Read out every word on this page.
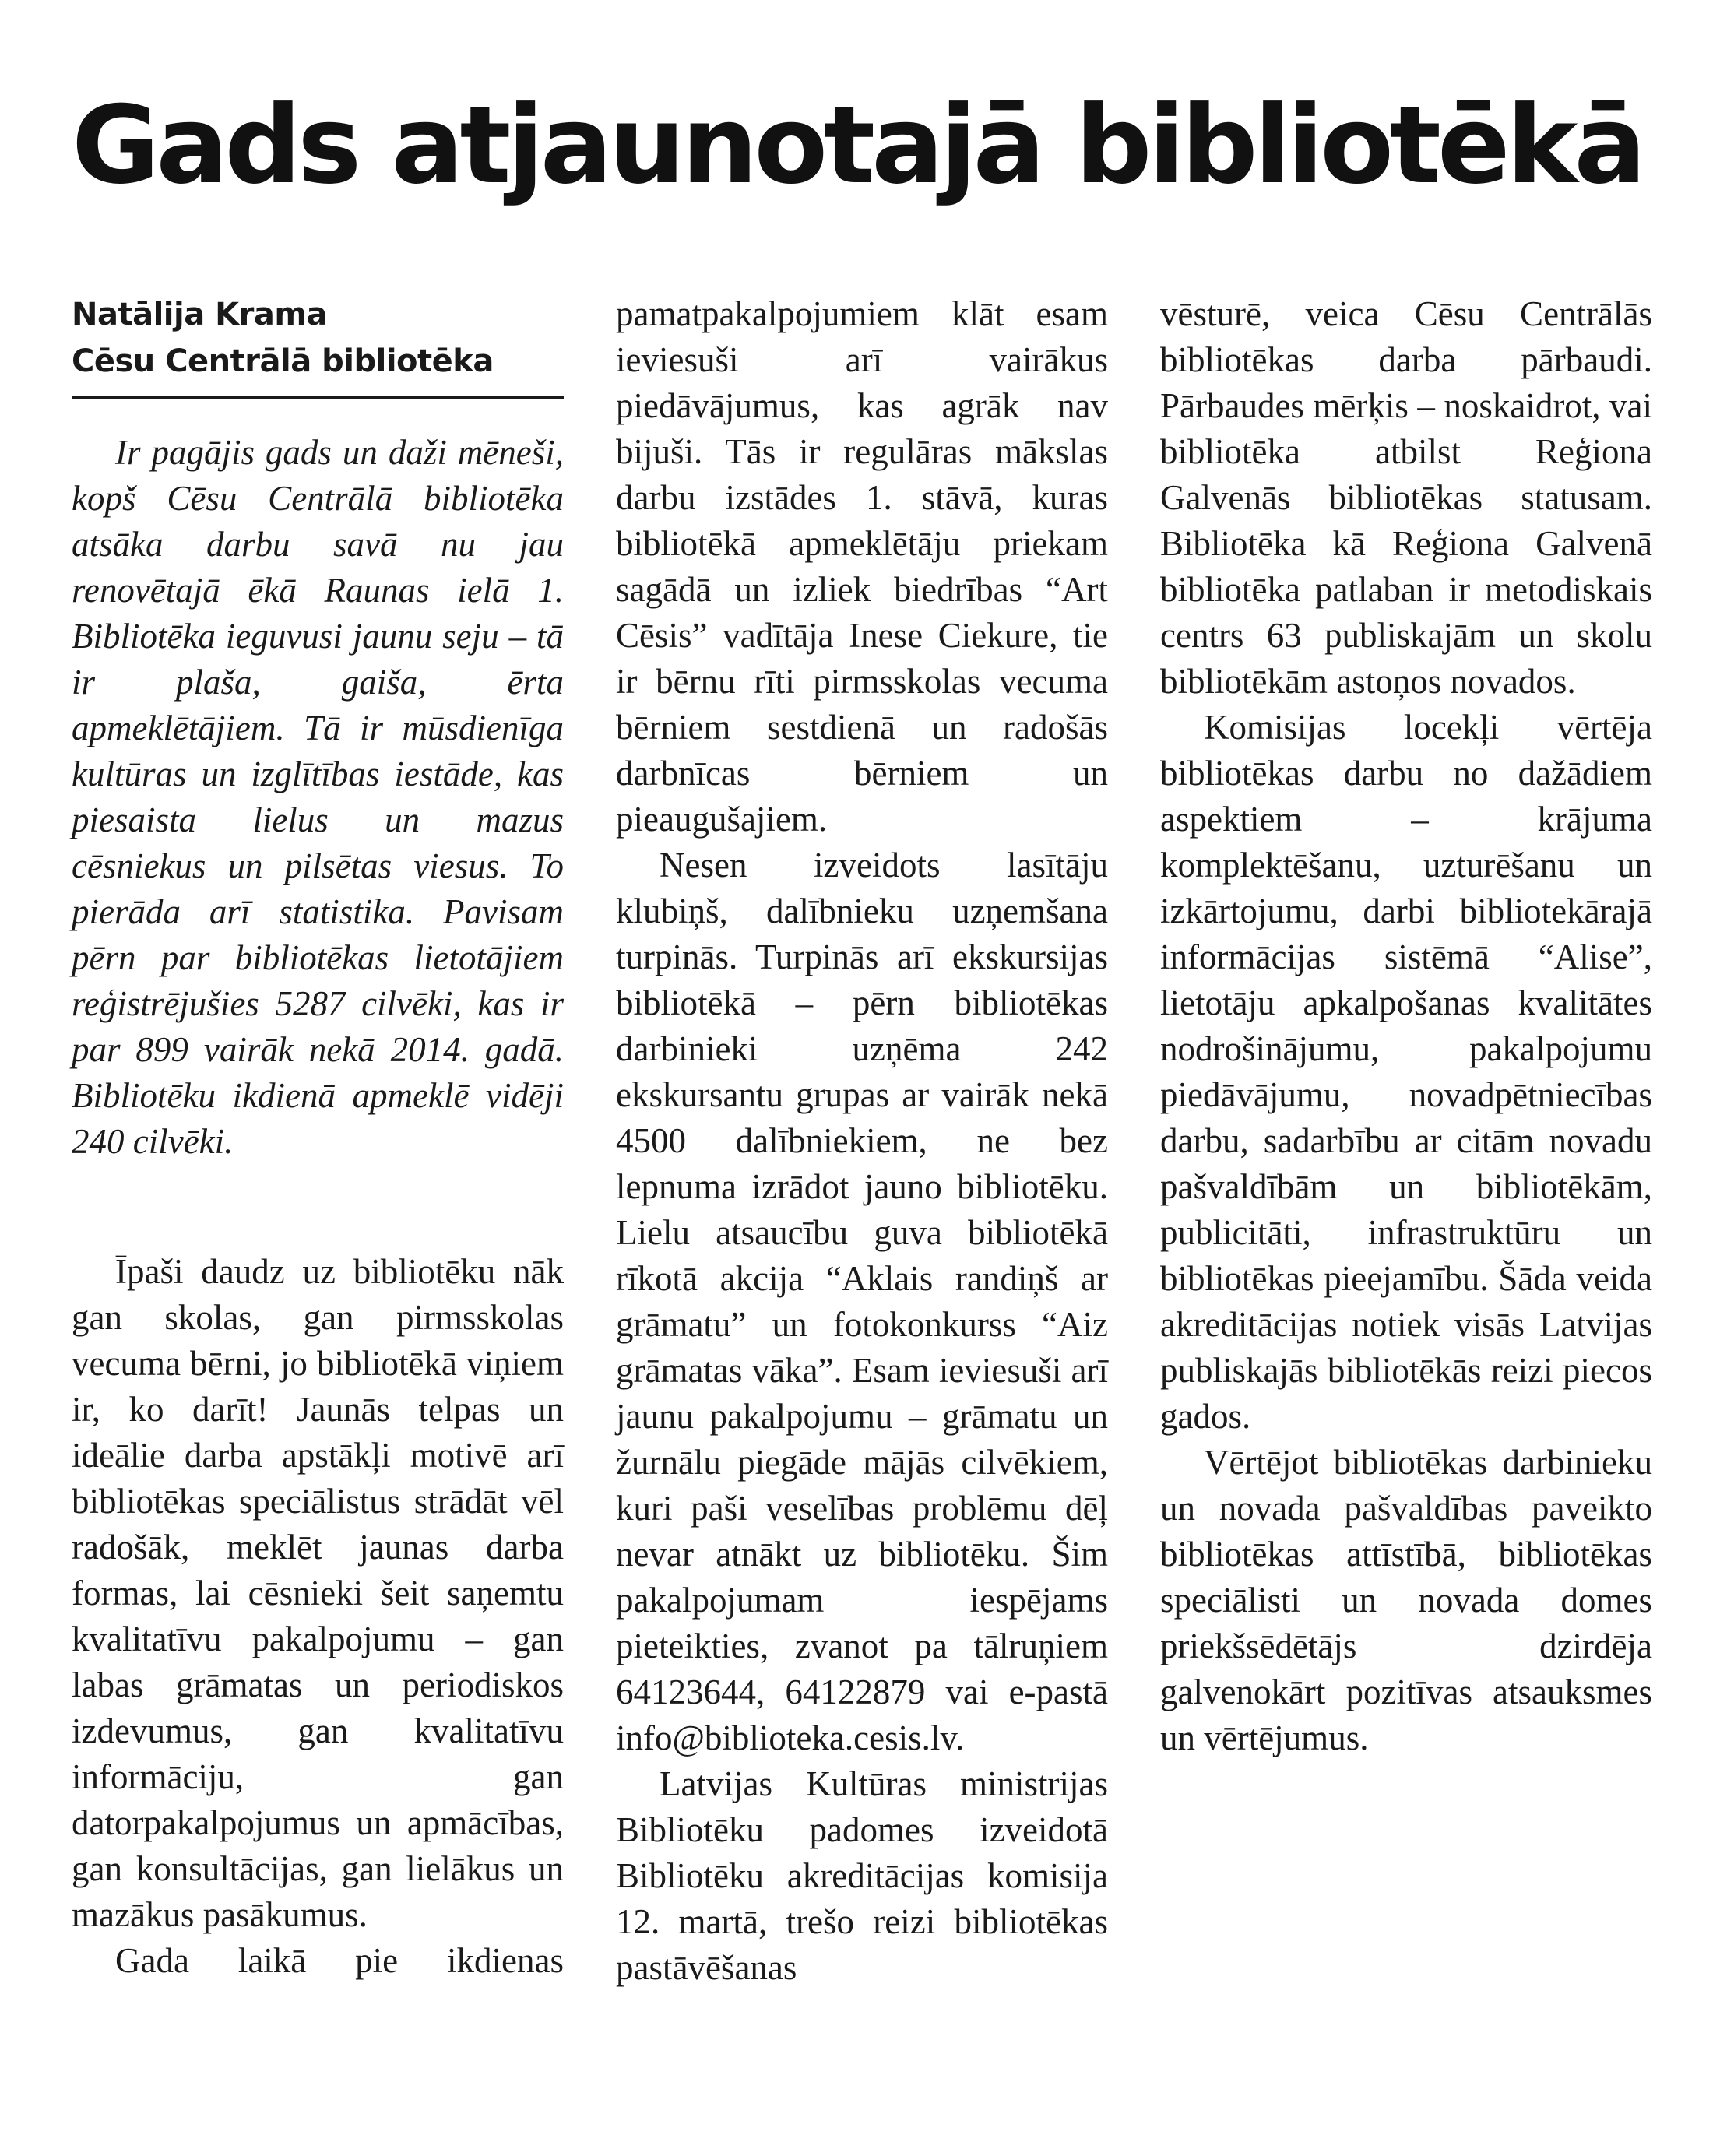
Gads atjaunotajā bibliotēkā
Natālija Krama
Cēsu Centrālā bibliotēka

Ir pagājis gads un daži mēneši, kopš Cēsu Centrālā bibliotēka atsāka darbu savā nu jau renovētajā ēkā Raunas ielā 1. Bibliotēka ieguvusi jaunu seju – tā ir plaša, gaiša, ērta apmeklētājiem. Tā ir mūsdienīga kultūras un izglītības iestāde, kas piesaista lielus un mazus cēsniekus un pilsētas viesus. To pierāda arī statistika. Pavisam pērn par bibliotēkas lietotājiem reģistrējušies 5287 cilvēki, kas ir par 899 vairāk nekā 2014. gadā. Bibliotēku ikdienā apmeklē vidēji 240 cilvēki.

Īpaši daudz uz bibliotēku nāk gan skolas, gan pirmsskolas vecuma bērni, jo bibliotēkā viņiem ir, ko darīt! Jaunās telpas un ideālie darba apstākļi motivē arī bibliotēkas speciālistus strādāt vēl radošāk, meklēt jaunas darba formas, lai cēsnieki šeit saņemtu kvalitatīvu pakalpojumu – gan labas grāmatas un periodiskos izdevumus, gan kvalitatīvu informāciju, gan datorpakalpojumus un apmācības, gan konsultācijas, gan lielākus un mazākus pasākumus.

Gada laikā pie ikdienas

pamatpakalpojumiem klāt esam ieviesuši arī vairākus piedāvājumus, kas agrāk nav bijuši. Tās ir regulāras mākslas darbu izstādes 1. stāvā, kuras bibliotēkā apmeklētāju priekam sagādā un izliek biedrības “Art Cēsis” vadītāja Inese Ciekure, tie ir bērnu rīti pirmsskolas vecuma bērniem sestdienā un radošās darbnīcas bērniem un pieaugušajiem.

Nesen izveidots lasītāju klubiņš, dalībnieku uzņemšana turpinās. Turpinās arī ekskursijas bibliotēkā – pērn bibliotēkas darbinieki uzņēma 242 ekskursantu grupas ar vairāk nekā 4500 dalībniekiem, ne bez lepnuma izrādot jauno bibliotēku. Lielu atsaucību guva bibliotēkā rīkotā akcija “Aklais randiņš ar grāmatu” un fotokonkurss “Aiz grāmatas vāka”. Esam ieviesuši arī jaunu pakalpojumu – grāmatu un žurnālu piegāde mājās cilvēkiem, kuri paši veselības problēmu dēļ nevar atnākt uz bibliotēku. Šim pakalpojumam iespējams pieteikties, zvanot pa tālruņiem 64123644, 64122879 vai e-pastā info@biblioteka.cesis.lv.

Latvijas Kultūras ministrijas Bibliotēku padomes izveidotā Bibliotēku akreditācijas komisija 12. martā, trešo reizi bibliotēkas pastāvēšanas

vēsturē, veica Cēsu Centrālās bibliotēkas darba pārbaudi. Pārbaudes mērķis – noskaidrot, vai bibliotēka atbilst Reģiona Galvenās bibliotēkas statusam. Bibliotēka kā Reģiona Galvenā bibliotēka patlaban ir metodiskais centrs 63 publiskajām un skolu bibliotēkām astoņos novados.

Komisijas locekļi vērtēja bibliotēkas darbu no dažādiem aspektiem – krājuma komplektēšanu, uzturēšanu un izkārtojumu, darbi bibliotekārajā informācijas sistēmā “Alise”, lietotāju apkalpošanas kvalitātes nodrošinājumu, pakalpojumu piedāvājumu, novadpētniecības darbu, sadarbību ar citām novadu pašvaldībām un bibliotēkām, publicitāti, infrastruktūru un bibliotēkas pieejamību. Šāda veida akreditācijas notiek visās Latvijas publiskajās bibliotēkās reizi piecos gados.

Vērtējot bibliotēkas darbinieku un novada pašvaldības paveikto bibliotēkas attīstībā, bibliotēkas speciālisti un novada domes priekšsēdētājs dzirdēja galvenokārt pozitīvas atsauksmes un vērtējumus.
